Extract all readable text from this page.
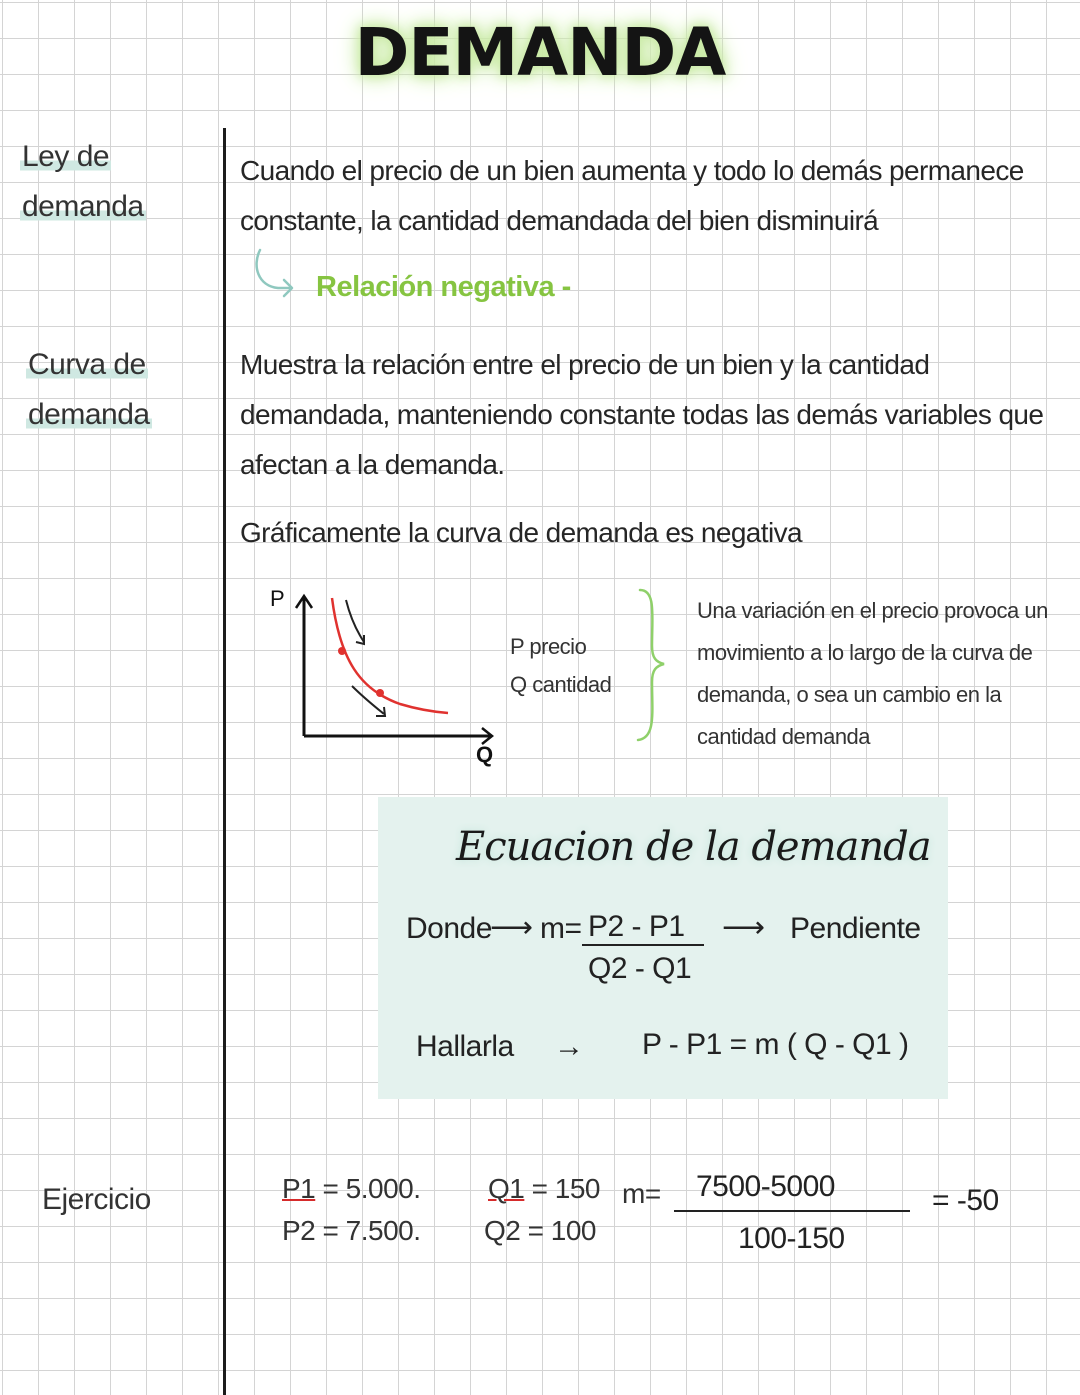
DEMANDA
Ley de
demanda
Cuando el precio de un bien aumenta y todo lo demás permanece
constante, la cantidad demandada del bien disminuirá
Relación negativa -
Curva de
demanda
Muestra la relación entre el precio de un bien y la cantidad
demandada, manteniendo constante todas las demás variables que
afectan a la demanda.
Gráficamente la curva de demanda es negativa
P
Q
P precio
Q cantidad
Una variación en el precio provoca un
movimiento a lo largo de la curva de
demanda, o sea un cambio en la
cantidad demanda
Ecuacion de la demanda
Donde
⟶ m= P2 - P1
Q2 - Q1
⟶ Pendiente
Hallarla → P - P1 = m ( Q - Q1 )
Ejercicio	P1 = 5.000.
P2 = 7.500.
Q1 = 150
Q2 = 100
m= 7500-5000
100-150
= -50
